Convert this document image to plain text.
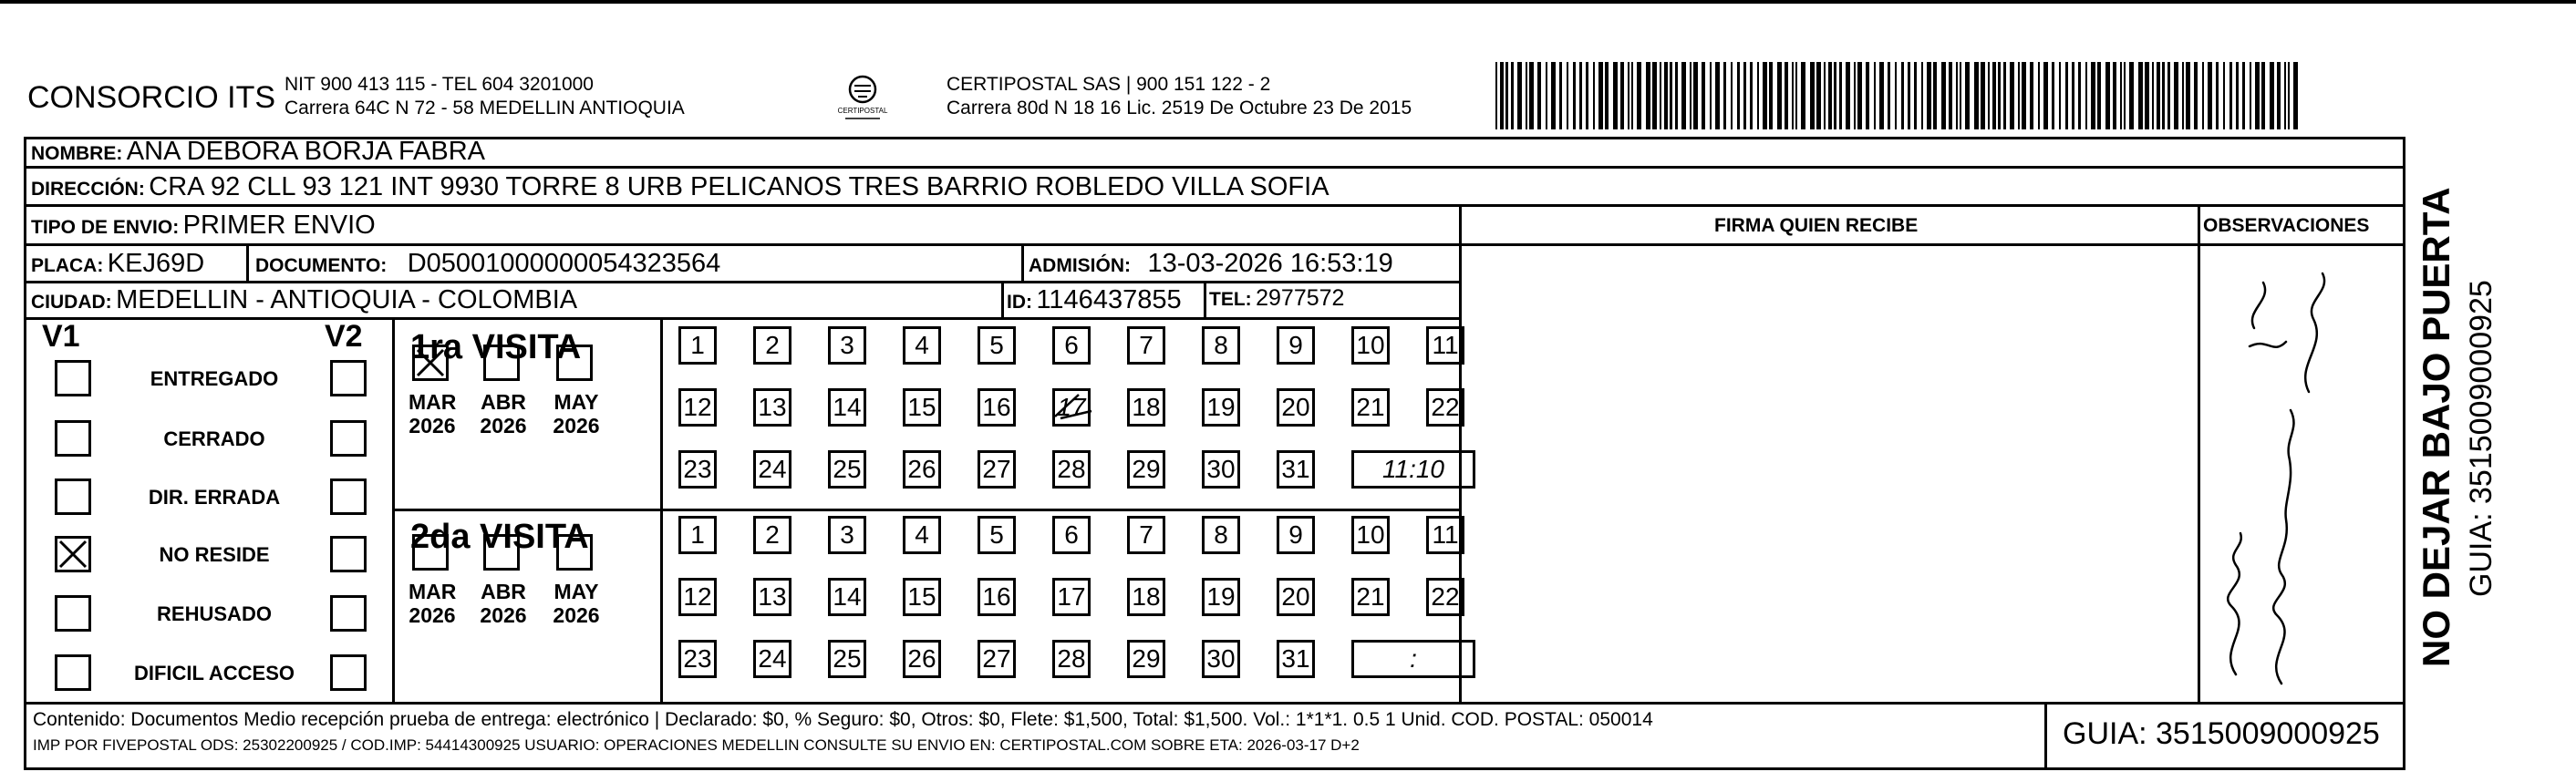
CONSORCIO ITS NIT 900 413 115 - TEL 604 3201000
Carrera 64C N 72 - 58 MEDELLIN ANTIOQUIA	CERTIPOSTAL
CERTIPOSTAL SAS | 900 151 122 - 2
Carrera 80d N 18 16 Lic. 2519 De Octubre 23 De 2015
NOMBRE: ANA DEBORA BORJA FABRA
DIRECCIÓN: CRA 92 CLL 93 121 INT 9930 TORRE 8 URB PELICANOS TRES BARRIO ROBLEDO VILLA SOFIA
TIPO DE ENVIO: PRIMER ENVIO	FIRMA QUIEN RECIBE	OBSERVACIONES
PLACA: KEJ69D	DOCUMENTO: D05001000000054323564	ADMISIÓN: 13-03-2026 16:53:19
CIUDAD: MEDELLIN - ANTIOQUIA - COLOMBIA	ID: 1146437855 TEL: 2977572
V1	V2
ENTREGADO
CERRADO
DIR. ERRADA
NO RESIDE
REHUSADO
DIFICIL ACCESO
1ra VISITA
2da VISITA
MAR
2026
ABR
2026
MAY
2026
1	2	3	4	5	6	7	8	9	10 11
12 13 14 15 16 17 18 19 20 21 22
23 24 25 26 27 28 29 30 31	11:10
MAR
2026
ABR
2026
MAY
2026
1	2	3	4	5	6	7	8	9	10 11
12 13 14 15 16 17 18 19 20 21 22
23 24 25 26 27 28 29 30 31	:
Contenido: Documentos Medio recepción prueba de entrega: electrónico | Declarado: $0, % Seguro: $0, Otros: $0, Flete: $1,500, Total: $1,500. Vol.: 1*1*1. 0.5 1 Unid. COD. POSTAL: 050014
IMP POR FIVEPOSTAL ODS: 25302200925 / COD.IMP: 54414300925 USUARIO: OPERACIONES MEDELLIN CONSULTE SU ENVIO EN: CERTIPOSTAL.COM SOBRE ETA: 2026-03-17 D+2	GUIA: 3515009000925
NO DEJAR BAJO PUERTA GUIA: 3515009000925
